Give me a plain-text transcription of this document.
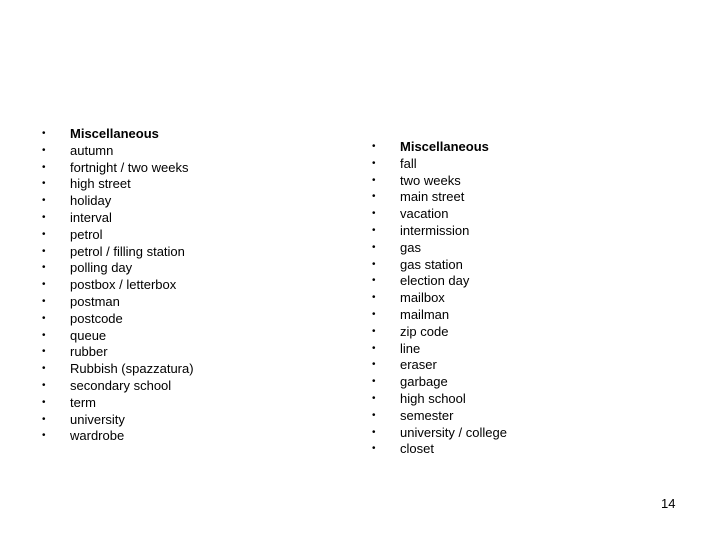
•	Miscellaneous
•	autumn
•	fortnight / two weeks
•	high street
•	holiday
•	interval
•	petrol
•	petrol / filling station
•	polling day
•	postbox / letterbox
•	postman
•	postcode
•	queue
•	rubber
•	Rubbish (spazzatura)
•	secondary school
•	term
•	university
•	wardrobe
•	Miscellaneous
•	fall
•	two weeks
•	main street
•	vacation
•	intermission
•	gas
•	gas station
•	election day
•	mailbox
•	mailman
•	zip code
•	line
•	eraser
•	garbage
•	high school
•	semester
•	university / college
•	closet
14
